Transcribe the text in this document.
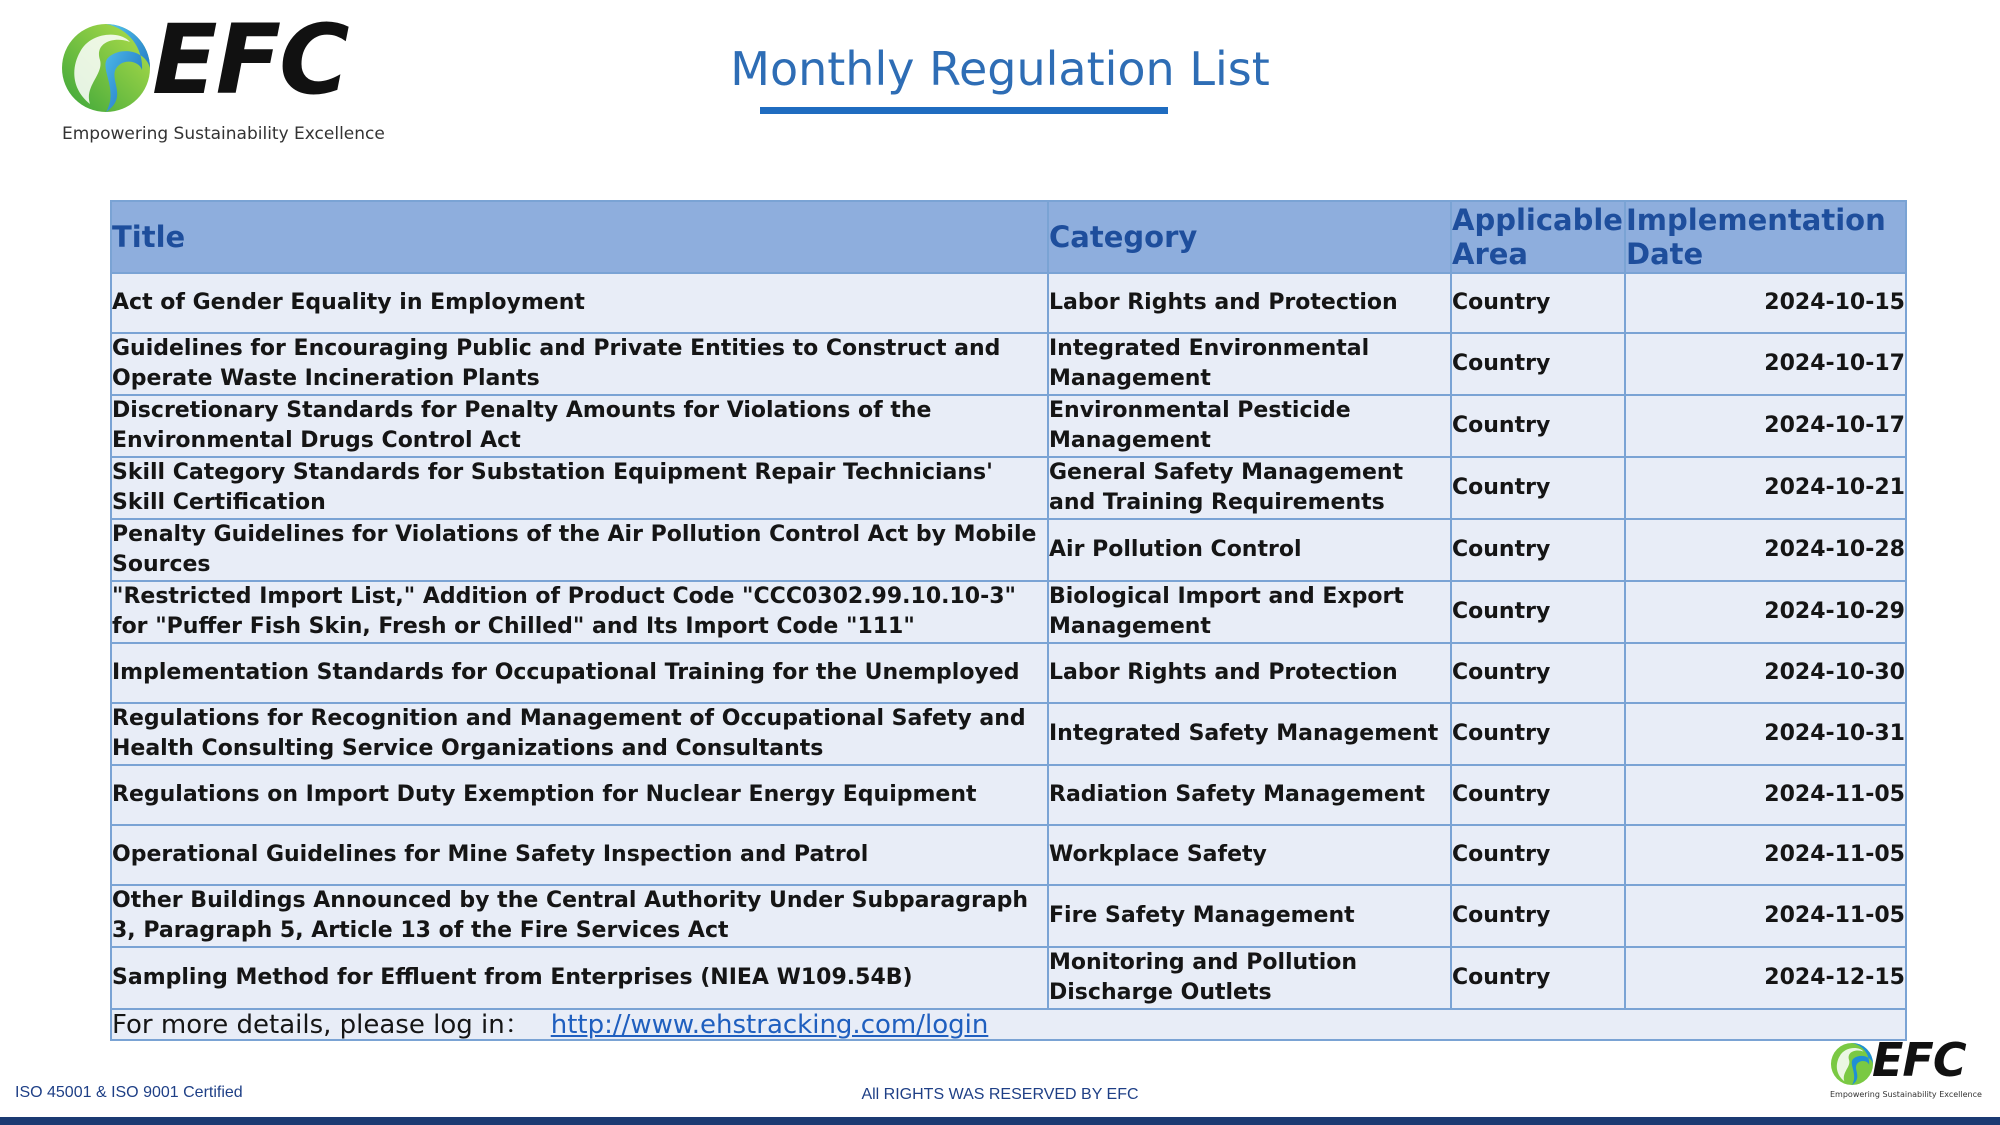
EFC
Empowering Sustainability Excellence
Monthly Regulation List
Title	Category	Applicable Area	Implementation Date
Act of Gender Equality in Employment	Labor Rights and Protection	Country	2024-10-15
Guidelines for Encouraging Public and Private Entities to Construct and Operate Waste Incineration Plants	Integrated Environmental Management	Country	2024-10-17
Discretionary Standards for Penalty Amounts for Violations of the Environmental Drugs Control Act	Environmental Pesticide Management	Country	2024-10-17
Skill Category Standards for Substation Equipment Repair Technicians' Skill Certification	General Safety Management and Training Requirements	Country	2024-10-21
Penalty Guidelines for Violations of the Air Pollution Control Act by Mobile Sources	Air Pollution Control	Country	2024-10-28
"Restricted Import List," Addition of Product Code "CCC0302.99.10.10-3" for "Puffer Fish Skin, Fresh or Chilled" and Its Import Code "111"	Biological Import and Export Management	Country	2024-10-29
Implementation Standards for Occupational Training for the Unemployed	Labor Rights and Protection	Country	2024-10-30
Regulations for Recognition and Management of Occupational Safety and Health Consulting Service Organizations and Consultants	Integrated Safety Management	Country	2024-10-31
Regulations on Import Duty Exemption for Nuclear Energy Equipment	Radiation Safety Management	Country	2024-11-05
Operational Guidelines for Mine Safety Inspection and Patrol	Workplace Safety	Country	2024-11-05
Other Buildings Announced by the Central Authority Under Subparagraph 3, Paragraph 5, Article 13 of the Fire Services Act	Fire Safety Management	Country	2024-11-05
Sampling Method for Effluent from Enterprises (NIEA W109.54B)	Monitoring and Pollution Discharge Outlets	Country	2024-12-15
For more details, please log in： http://www.ehstracking.com/login			
ISO 45001 & ISO 9001 Certified	All RIGHTS WAS RESERVED BY EFC
EFC
Empowering Sustainability Excellence
